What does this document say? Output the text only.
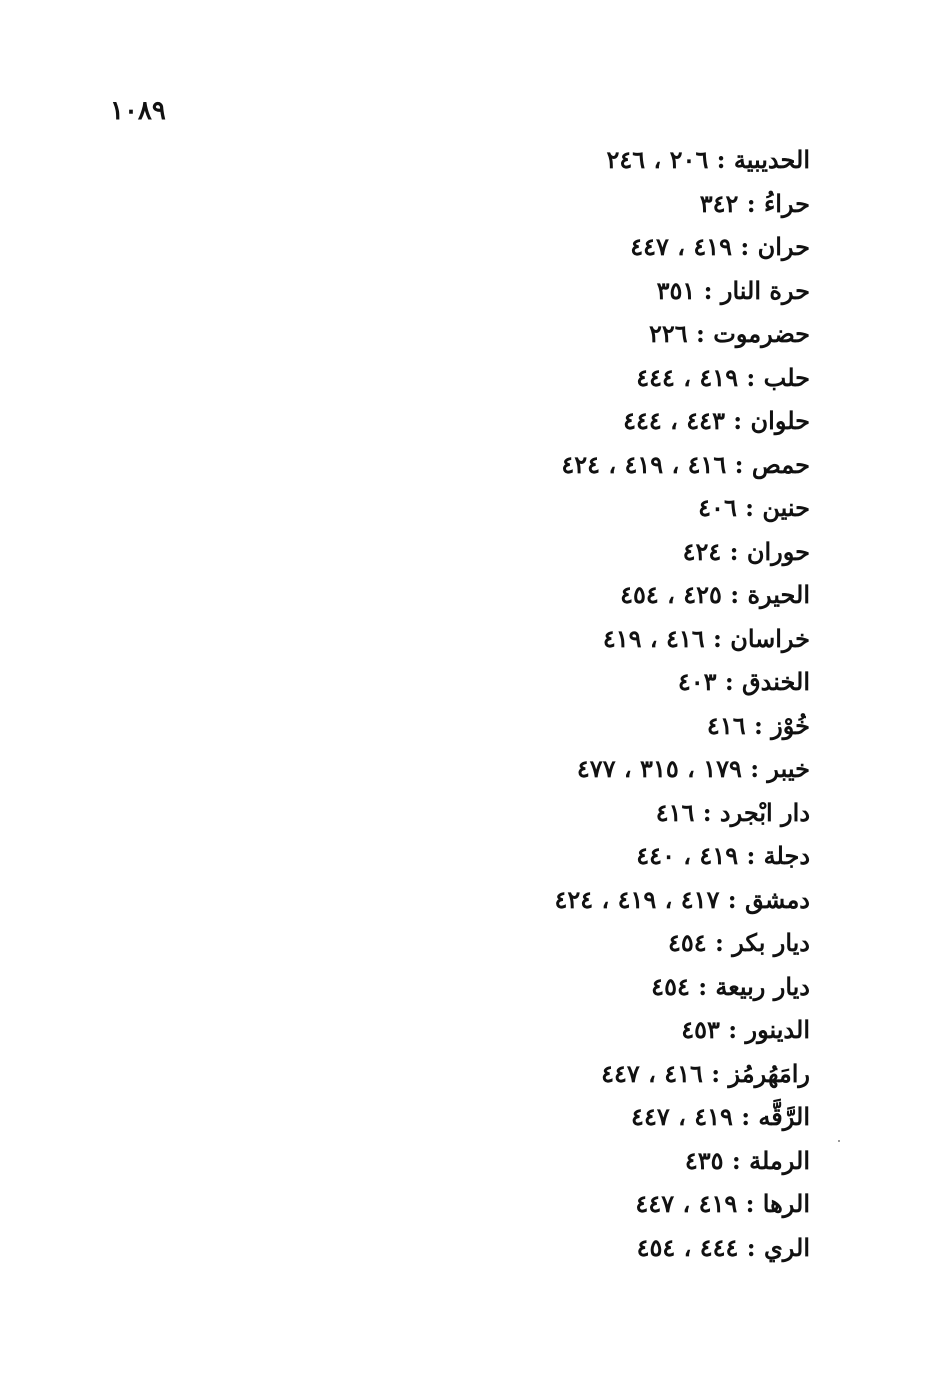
١٠٨٩
الحديبية : ٢٠٦ ، ٢٤٦
حراءُ : ٣٤٢
حران : ٤١٩ ، ٤٤٧
حرة النار : ٣٥١
حضرموت : ٢٢٦
حلب : ٤١٩ ، ٤٤٤
حلوان : ٤٤٣ ، ٤٤٤
حمص : ٤١٦ ، ٤١٩ ، ٤٢٤
حنين : ٤٠٦
حوران : ٤٢٤
الحيرة : ٤٢٥ ، ٤٥٤
خراسان : ٤١٦ ، ٤١٩
الخندق : ٤٠٣
خُوْز : ٤١٦
خيبر : ١٧٩ ، ٣١٥ ، ٤٧٧
دار ابْجرد : ٤١٦
دجلة : ٤١٩ ، ٤٤٠
دمشق : ٤١٧ ، ٤١٩ ، ٤٢٤
ديار بكر : ٤٥٤
ديار ربيعة : ٤٥٤
الدينور : ٤٥٣
رامَهُرمُز : ٤١٦ ، ٤٤٧
الرَّقَّه : ٤١٩ ، ٤٤٧
الرملة : ٤٣٥
الرها : ٤١٩ ، ٤٤٧
الري : ٤٤٤ ، ٤٥٤
